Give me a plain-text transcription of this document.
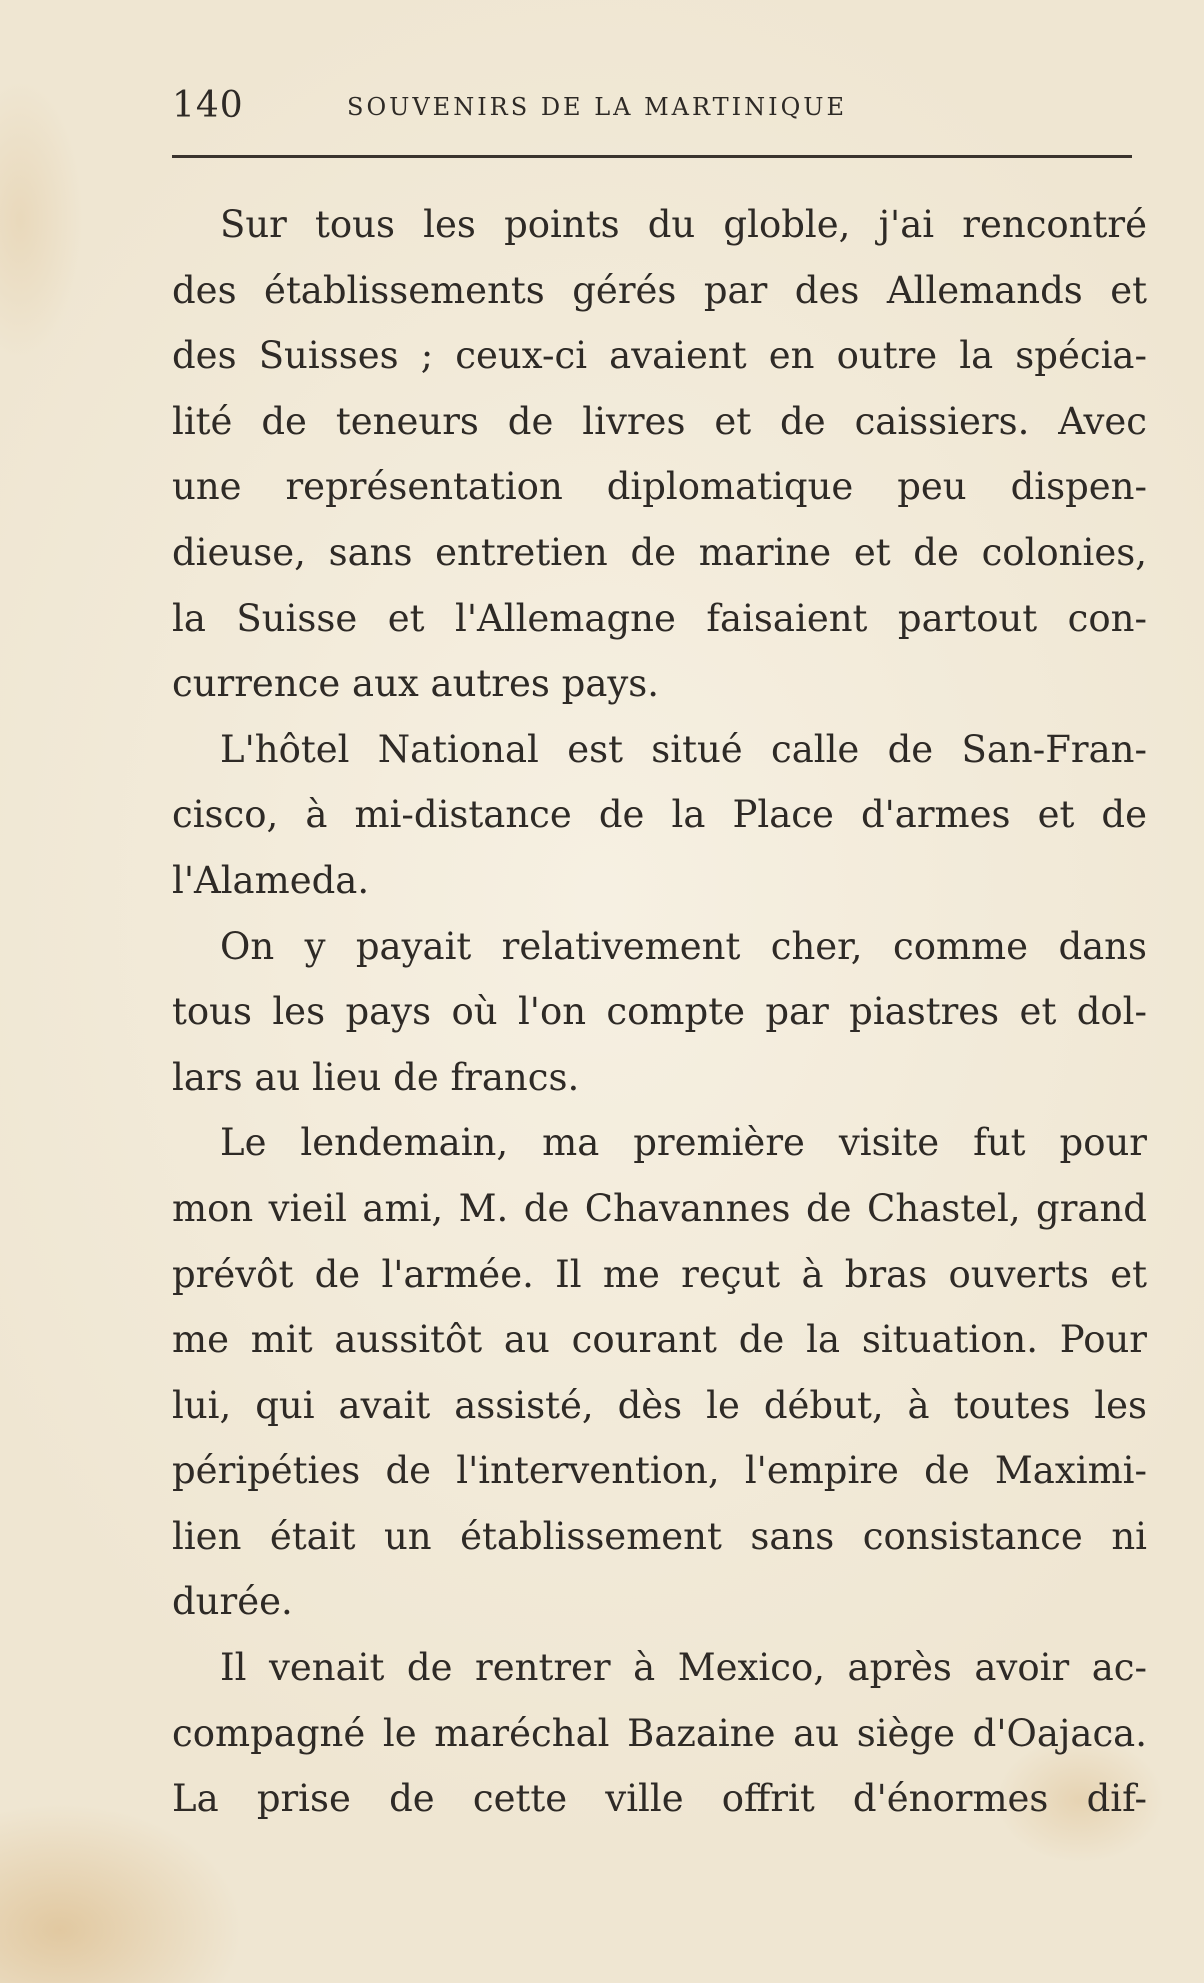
140	SOUVENIRS DE LA MARTINIQUE
Sur tous les points du globle, j'ai rencontré
des établissements gérés par des Allemands et
des Suisses ; ceux-ci avaient en outre la spécia-
lité de teneurs de livres et de caissiers. Avec
une représentation diplomatique peu dispen-
dieuse, sans entretien de marine et de colonies,
la Suisse et l'Allemagne faisaient partout con-
currence aux autres pays.
L'hôtel National est situé calle de San-Fran-
cisco, à mi-distance de la Place d'armes et de
l'Alameda.
On y payait relativement cher, comme dans
tous les pays où l'on compte par piastres et dol-
lars au lieu de francs.
Le lendemain, ma première visite fut pour
mon vieil ami, M. de Chavannes de Chastel, grand
prévôt de l'armée. Il me reçut à bras ouverts et
me mit aussitôt au courant de la situation. Pour
lui, qui avait assisté, dès le début, à toutes les
péripéties de l'intervention, l'empire de Maximi-
lien était un établissement sans consistance ni
durée.
Il venait de rentrer à Mexico, après avoir ac-
compagné le maréchal Bazaine au siège d'Oajaca.
La prise de cette ville offrit d'énormes dif-
